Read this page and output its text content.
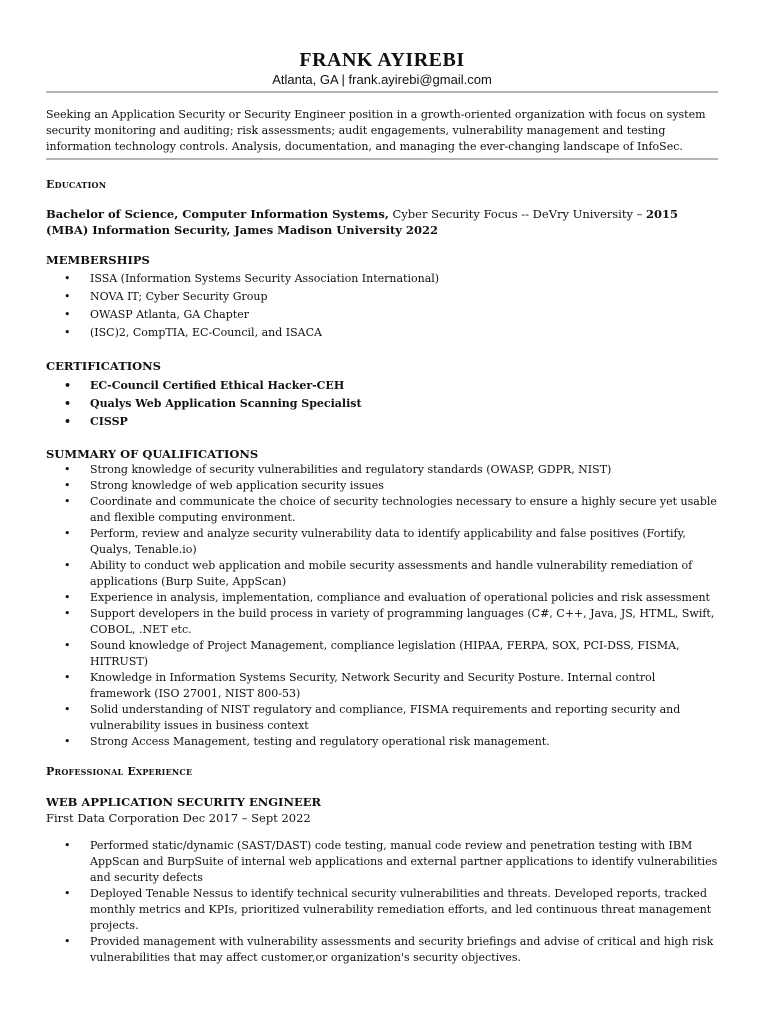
FRANK AYIREBI
Atlanta, GA | frank.ayirebi@gmail.com
Seeking an Application Security or Security Engineer position in a growth-oriented organization with focus on system security monitoring and auditing; risk assessments; audit engagements, vulnerability management and testing information technology controls. Analysis, documentation, and managing the ever-changing landscape of InfoSec.
Education
Bachelor of Science, Computer Information Systems, Cyber Security Focus -- DeVry University – 2015
(MBA) Information Security, James Madison University 2022
MEMBERSHIPS
• ISSA (Information Systems Security Association International)
• NOVA IT; Cyber Security Group
• OWASP Atlanta, GA Chapter
• (ISC)2, CompTIA, EC-Council, and ISACA
CERTIFICATIONS
• EC-Council Certified Ethical Hacker-CEH
• Qualys Web Application Scanning Specialist
• CISSP
SUMMARY OF QUALIFICATIONS
• Strong knowledge of security vulnerabilities and regulatory standards (OWASP, GDPR, NIST)
• Strong knowledge of web application security issues
• Coordinate and communicate the choice of security technologies necessary to ensure a highly secure yet usable and flexible computing environment.
• Perform, review and analyze security vulnerability data to identify applicability and false positives (Fortify, Qualys, Tenable.io)
• Ability to conduct web application and mobile security assessments and handle vulnerability remediation of applications (Burp Suite, AppScan)
• Experience in analysis, implementation, compliance and evaluation of operational policies and risk assessment
• Support developers in the build process in variety of programming languages (C#, C++, Java, JS, HTML, Swift, COBOL, .NET etc.
• Sound knowledge of Project Management, compliance legislation (HIPAA, FERPA, SOX, PCI-DSS, FISMA, HITRUST)
• Knowledge in Information Systems Security, Network Security and Security Posture. Internal control framework (ISO 27001, NIST 800-53)
• Solid understanding of NIST regulatory and compliance, FISMA requirements and reporting security and vulnerability issues in business context
• Strong Access Management, testing and regulatory operational risk management.
Professional Experience
WEB APPLICATION SECURITY ENGINEER
First Data Corporation Dec 2017 – Sept 2022
• Performed static/dynamic (SAST/DAST) code testing, manual code review and penetration testing with IBM AppScan and BurpSuite of internal web applications and external partner applications to identify vulnerabilities and security defects
• Deployed Tenable Nessus to identify technical security vulnerabilities and threats. Developed reports, tracked monthly metrics and KPIs, prioritized vulnerability remediation efforts, and led continuous threat management projects.
• Provided management with vulnerability assessments and security briefings and advise of critical and high risk vulnerabilities that may affect customer,or organization's security objectives.
